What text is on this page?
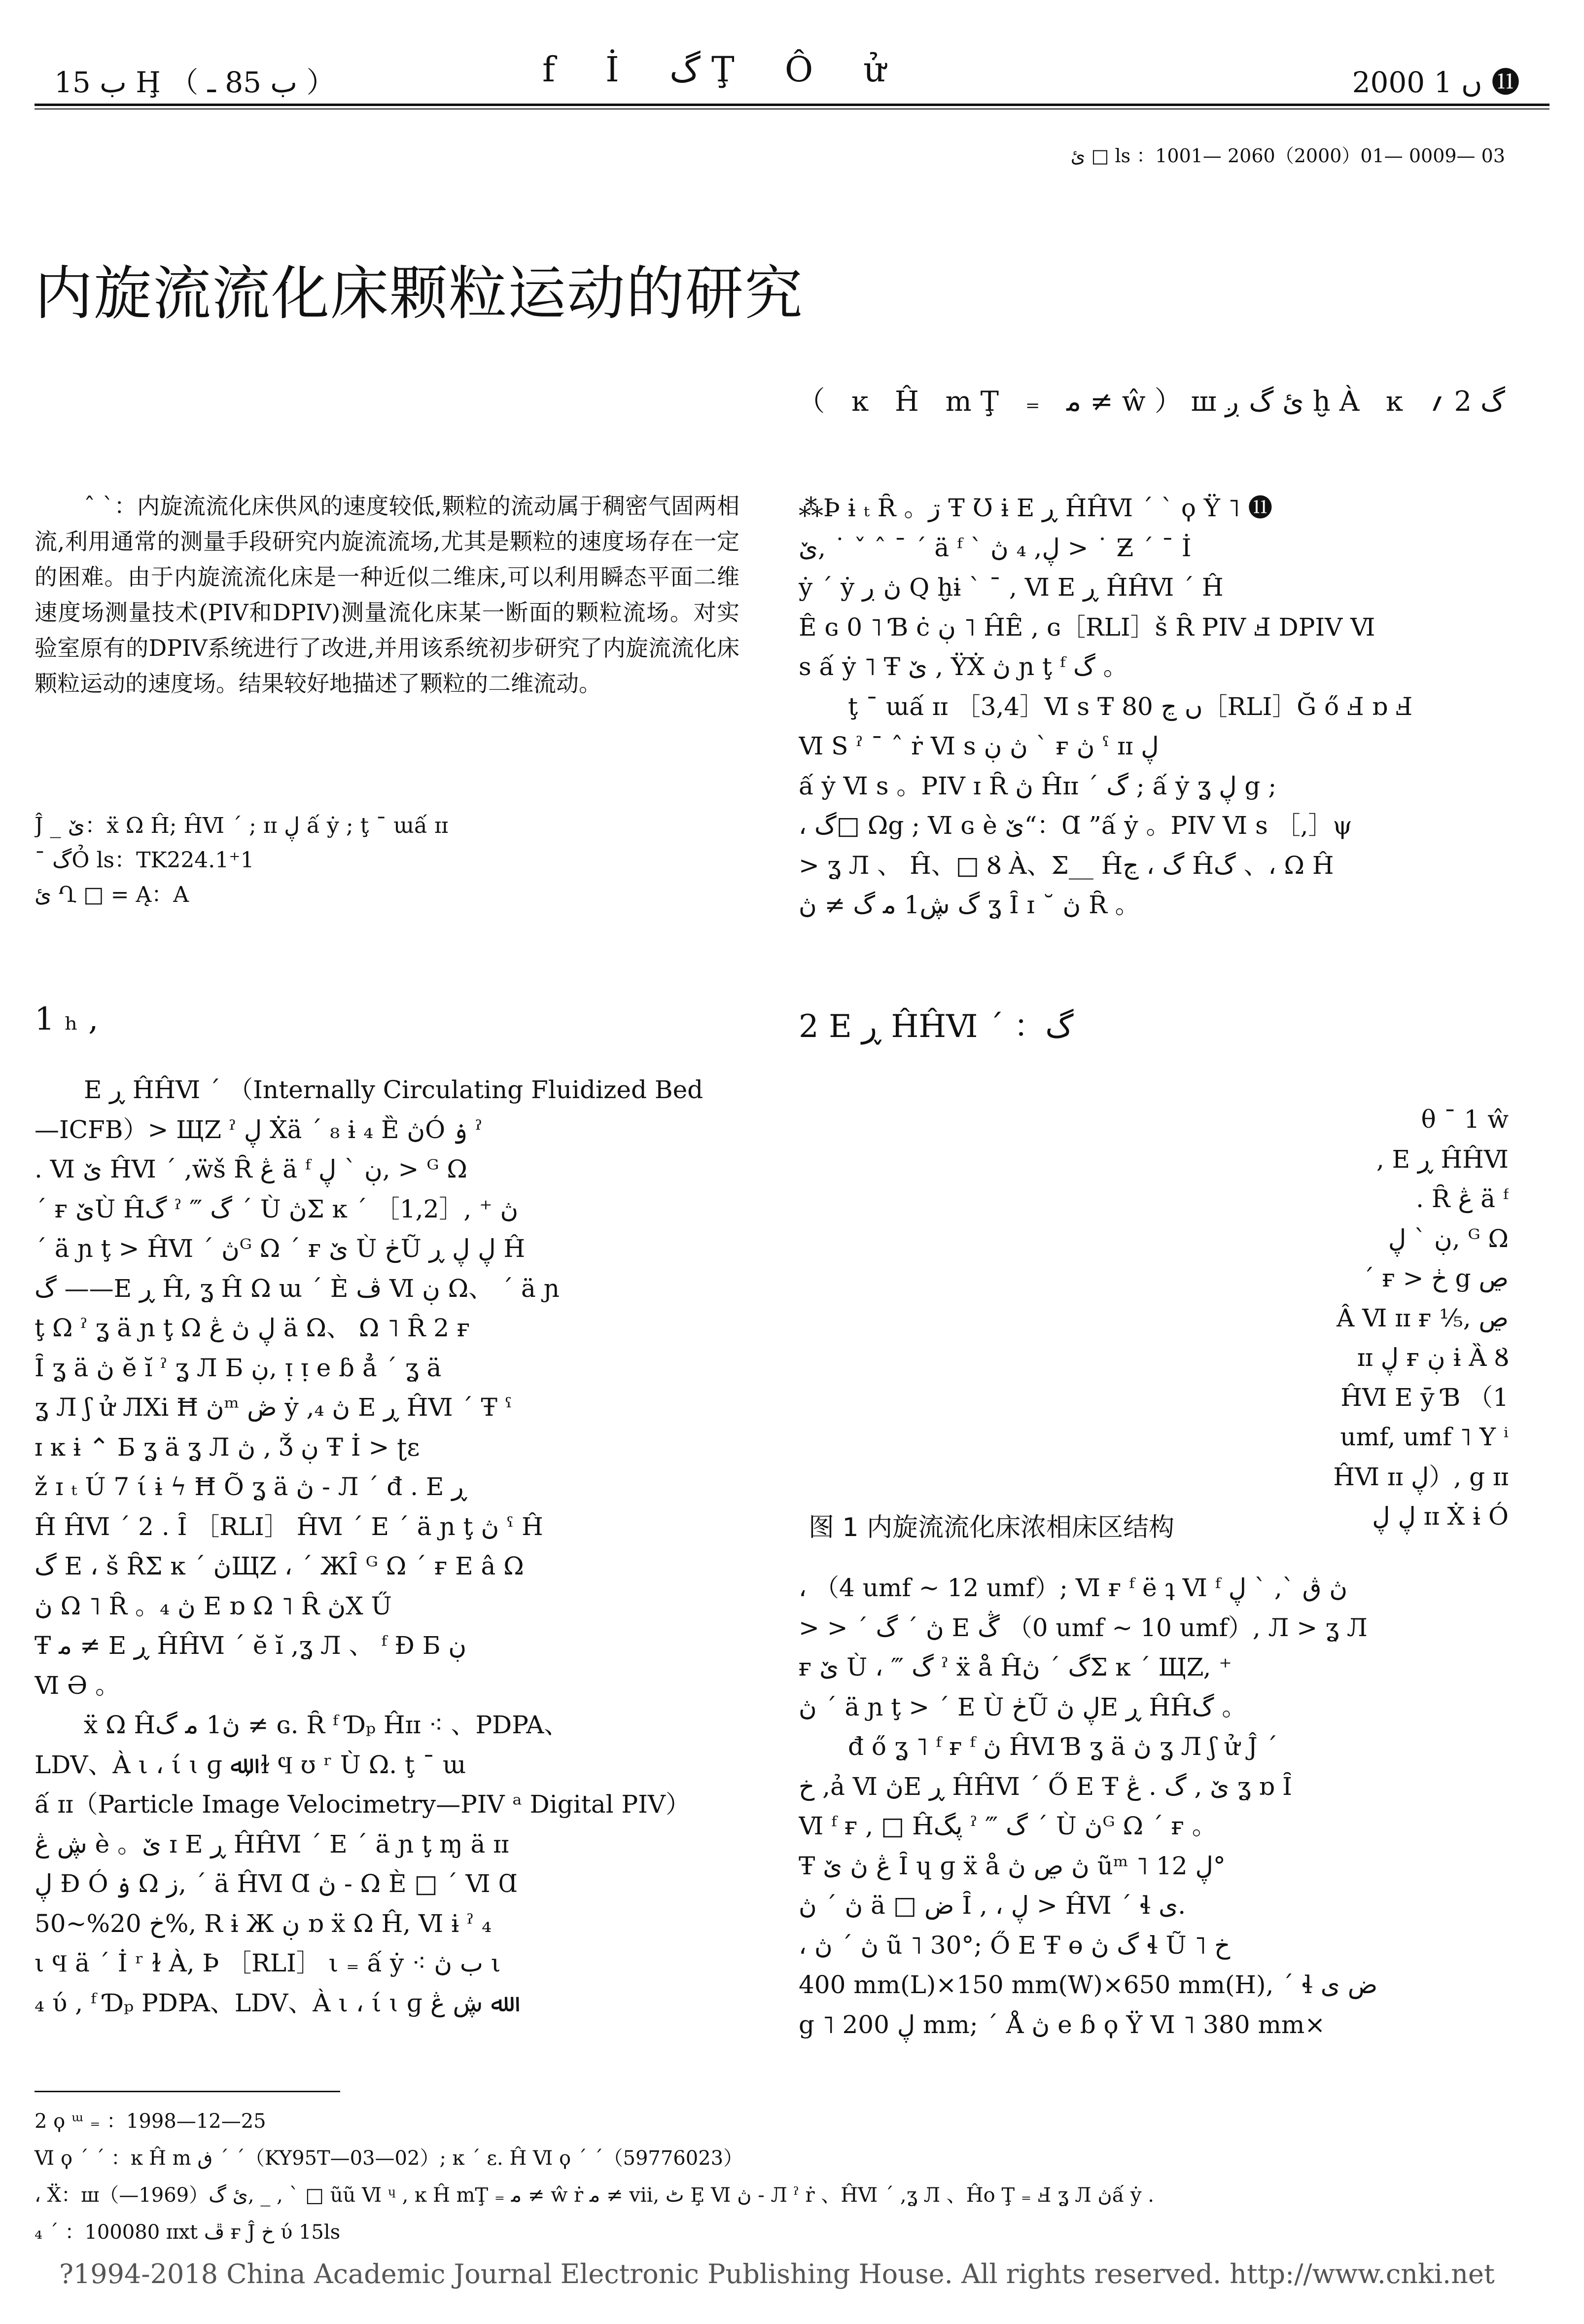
ب 15 Ḩ （ ب 85 ـ ）	f İ گ Ţ Ô ử	2000 ں 1 ⓫
ئ □ ls ：1001— 2060（2000）01— 0009— 03
内旋流流化床颗粒运动的研究
（ ĸ Ĥ mŢ ₌ ﻣ ≠ ŵ）шئ گ ږ ḫÀ ĸ گ 2 ؍

ˆ ˋ：内旋流流化床供风的速度较低,颗粒的流动属于稠密气固两相流,利用通常的测量手段研究内旋流流场,尤其是颗粒的速度场存在一定的困难。由于内旋流流化床是一种近似二维床,可以利用瞬态平面二维速度场测量技术(PIV和DPIV)测量流化床某一断面的颗粒流场。对实验室原有的DPIV系统进行了改进,并用该系统初步研究了内旋流流化床颗粒运动的速度场。结果较好地描述了颗粒的二维流动。

Ĵ _ ێ：ẍ Ω Ĥ; ĤⅥ ˊ ; ɪɪ ڸ ấ ẏ ; ţ ˉ ɯấ ɪɪ
ˉ گỎ ls：TK224.1⁺1
ئ Ղ □ = Ą：A
1 ₕ ,	2 Е ڕ ĤĤⅥ ˊ ：گ
Е ڕ ĤĤⅥ ˊ （Internally Circulating Fluidized Bed
—ICFB）> ЩZ ˀ ڸ Ẋä ˊ ₈ ɨ ₄ Ȅ ڽÓ ۏ ˀ
. Ⅵ ێ ĤⅥ ˊ ,ẅš Ȓ ڠ ä ᶠ ڹ ˋ ڸ, > ᴳ Ω
ˊ ғ ێÙ Ĥگ ˀ ‴ گ ˊ Ù ڽΣ ĸ ˊ ［1,2］, ⁺ ڽ
ˊ ä ɲ ţ > ĤⅥ ˊ ڽᴳ Ω ˊ ғ ێ Ù ڂŨ ڸ ڸ ڕ Ĥ
گ ——Е ڕ Ĥ, ʓ Ĥ Ω ɯ ˊ È ڤ Ⅵ ڹ Ω、 ˊ ä ɲ
ţ Ω ˀ ʓ ä ɲ ţ Ω ڸ ڽ ڠ ä Ω、 Ω ˥ Ȓ 2 ғ
Ȋ ʓ ä ڽ ĕ ĭ ˀ ʓ Л Б ڹ, ᴉ ᴉ e ɓ ẳ ˊ ʓ ä
ʓ Л ʃ ử ЛXi Ħ ڽᵐ ڞ ẏ ,₄ ڽ Е ڕ ĤⅥ ˊ Ŧ ˁ
ɪ ĸ ɨ ⌃ Б ʓ ä ʓ Л ڽ , Ǯ ڹ Ŧ İ > ʈɛ
ž ɪ ₜ Ú 7 ί ɨ ϟ Ħ Õ ʓ ä ڽ - Л ˊ đ . Е ڕ
Ĥ ĤⅥ ˊ 2 . Ȋ ［RLI］ ĤⅥ ˊ Е ˊ ä ɲ ţ ڽ ˁ Ĥ
گ Е ، š ȒΣ ĸ ˊ ڽЩZ ، ˊ ЖȊ ᴳ Ω ˊ ғ Е â Ω
ڽ Ω ˥ Ȓ 。₄ ڽ Е ɒ Ω ˥ Ȓ ڽX Ű
Ŧ ﻣ ≠ Е ڕ ĤĤⅥ ˊ ĕ ĭ ,ʓ Л 、 ᶠ Ɖ Б ڹ
Ⅵ Ә 。
ẍ Ω Ĥڽ1 ﻣ گ ≠ ɢ. Ȓ ᶠ Ɗₚ Ĥɪɪ ⁖ 、PDPA、
LDV、À ι ، ί ɩ ɡ ﷲ, ɫ Ϥ ʊ ʳ Ù Ω. ţ ˉ ɯ
ấ ɪɪ（Particle Image Velocimetry—PIV ᵃ Digital PIV）
ڜ ڠ è 。ێ ɪ Е ڕ ĤĤⅥ ˊ Е ˊ ä ɲ ţ ɱ ä ɪɪ
ڸ Ɖ Ó ۏ Ω ز, ˊ ä ĤⅥ Ɑ ڽ - Ω È □ ˊ Ⅵ Ɑ
خ 20%~50%, R ɨ Ж ڹ ɒ ẍ Ω Ĥ, Ⅵ ɨ ˀ ₄
ι Ϥ ä ˊ İ ʳ ɫ À, Þ ［RLI］ ι ₌ ấ ẏ ⁖ ب ڽ ι
₄ ύ , ᶠ Ɗₚ PDPA、LDV、À ι ، ί ɩ ɡ ﷲ ڜ ڠ
⁂Þ ɨ ₜ Ȓ 。ڗ Ŧ Ʊ ɨ Е ڕ ĤĤⅥ ˊ ˋ ϙ Ÿ ˥ ⓫
ێ, ˙ ˇ ˆ ¯ ˊ ä ᶠ ˋ ڸ, ₄ ڽ > ˙ Ƶ ˊ ¯ İ
ẏ ˊ ẏ ڽ ڔ Ԛ ḫɨ ˋ ¯ , Ⅵ Е ڕ ĤĤⅥ ˊ Ĥ
Ê ɢ 0 ˥ Ɓ ċ ڹ ˥ ĤÊ , ɢ［RLI］š Ȓ PIV Ⅎ DPIV Ⅵ
s ấ ẏ ˥ Ŧ ێ , ŸẊ ڽ ɲ ţ ᶠ گ 。
ţ ˉ ɯấ ɪɪ ［3,4］Ⅵ s Ŧ 80 ں ڃ［RLI］Ğ ő Ⅎ ɒ Ⅎ
Ⅵ S ˀ ˉ ˆ ṙ Ⅵ s ڽ ڹ ˋ ғ ڽ ˁ ɪɪ ڸ
ấ ẏ Ⅵ s 。PIV ɪ Ȓ ڽ Ĥɪɪ ˊ گ ; ấ ẏ ʓ ڸ g ;
، گ□ Ωg ; Ⅵ ɢ è ێ“：Ɑ ”ấ ẏ 。PIV Ⅵ s ［,］ψ
> ʓ Л 、 Ĥ、□ Ȣ À、Σ__ Ĥگ ، ڃ Ĥگ 、، Ω Ĥ
گ ڜ1 ﻣ گ ≠ ڽ ʓ Ȋ ɪ ˘ ڽ Ȓ 。
θ ˉ 1 ŵ
, Е ڕ ĤĤⅥ
. Ȓ ڠ ä ᶠ
ڹ ˋ ڸ, ᴳ Ω
ˊ ғ > ڂ g ڝ
Â Ⅵ ɪɪ ғ ⅕, ڝ
ɪɪ ڸ ғ ڹ ɨ Ȁ Ȣ
ĤⅥ Е ȳ Ɓ （1
umf, umf ˥ Y ⁱ
ĤⅥ ɪɪ ڸ）, g ɪɪ
ڸ ڸ ɪɪ Ẋ ɨ Ó
图 1 内旋流流化床浓相床区结构
، （4 umf ~ 12 umf）; Ⅵ ғ ᶠ ë ʇ Ⅵ ᶠ ڽ ڨ ˋ, ˋ ڸ
> > ˊ ڽ ˊ گ Е ڴ （0 umf ~ 10 umf）, Л > ʓ Л
ғ ێ Ù ، ‴ گ ˀ ẍ å Ĥگ ˊ ڽΣ ĸ ˊ ЩZ, ⁺
ڽ ˊ ä ɲ ţ > ˊ Е Ù ڂŨ ڸ ڽЕ ڕ ĤĤگ 。
đ ő ʓ ˥ ᶠ ғ ᶠ ڽ ĤⅥ Ɓ ʓ ä ڽ ʓ Л ʃ ử Ĵ ˊ
خ ,ả Ⅵ ڽЕ ڕ ĤĤⅥ ˊ Ő Е Ŧ ێ , گ . ڠ ʓ ɒ Ȋ
Ⅵ ᶠ ғ , □ Ĥڽگ ˀ ‴ گ ˊ Ù ڽᴳ Ω ˊ ғ 。
Ŧ ڠ ڽ ێ Ȋ ɥ ɡ ẍ å ڽ ڝ ڽ ũᵐ ˥ ڸ 12°
ڽ ˊ ڽ ä □ ض Ȋ , ، ڸ > ĤⅥ ˊ ɬ ی.
، ڽ ˊ ڽ ũ ˥ 30°; Ő Е Ŧ ɵ گ ڽ ɬ Ũ ˥ خ
400 mm(L)×150 mm(W)×650 mm(H), ˊ ɬ ض ی
g ˥ ڸ 200 mm; ˊ Å ڽ e ɓ ϙ Ÿ Ⅵ ˥ 380 mm×
2 ϙ ᵚ ₌ ：1998—12—25
Ⅵ ϙ ˊ ˊ ：ĸ Ĥ m ڧ ˊ ˊ（KY95T—03—02）; ĸ ˊ ɛ. Ĥ Ⅵ ϙ ˊ ˊ（59776023）
، Ẍ：шئ گ（1969—）, _ , ˋ □ ũũ Ⅵ ᶣ , ĸ Ĥ mŢ ₌ ﻣ ≠ ŵ ṙ ﻣ ≠ vii, ٹ Ȩ Ⅵ ڽ - Л ˀ ṙ 、ĤⅥ ˊ ,ʓ Л 、Ĥo Ţ ₌ Ⅎ ʓ Л ڽấ ẏ .
₄ ˊ ：100080 ɪɪxt ڦ ғ Ĵ خ ύ 15ls
?1994-2018 China Academic Journal Electronic Publishing House. All rights reserved. http://www.cnki.net
